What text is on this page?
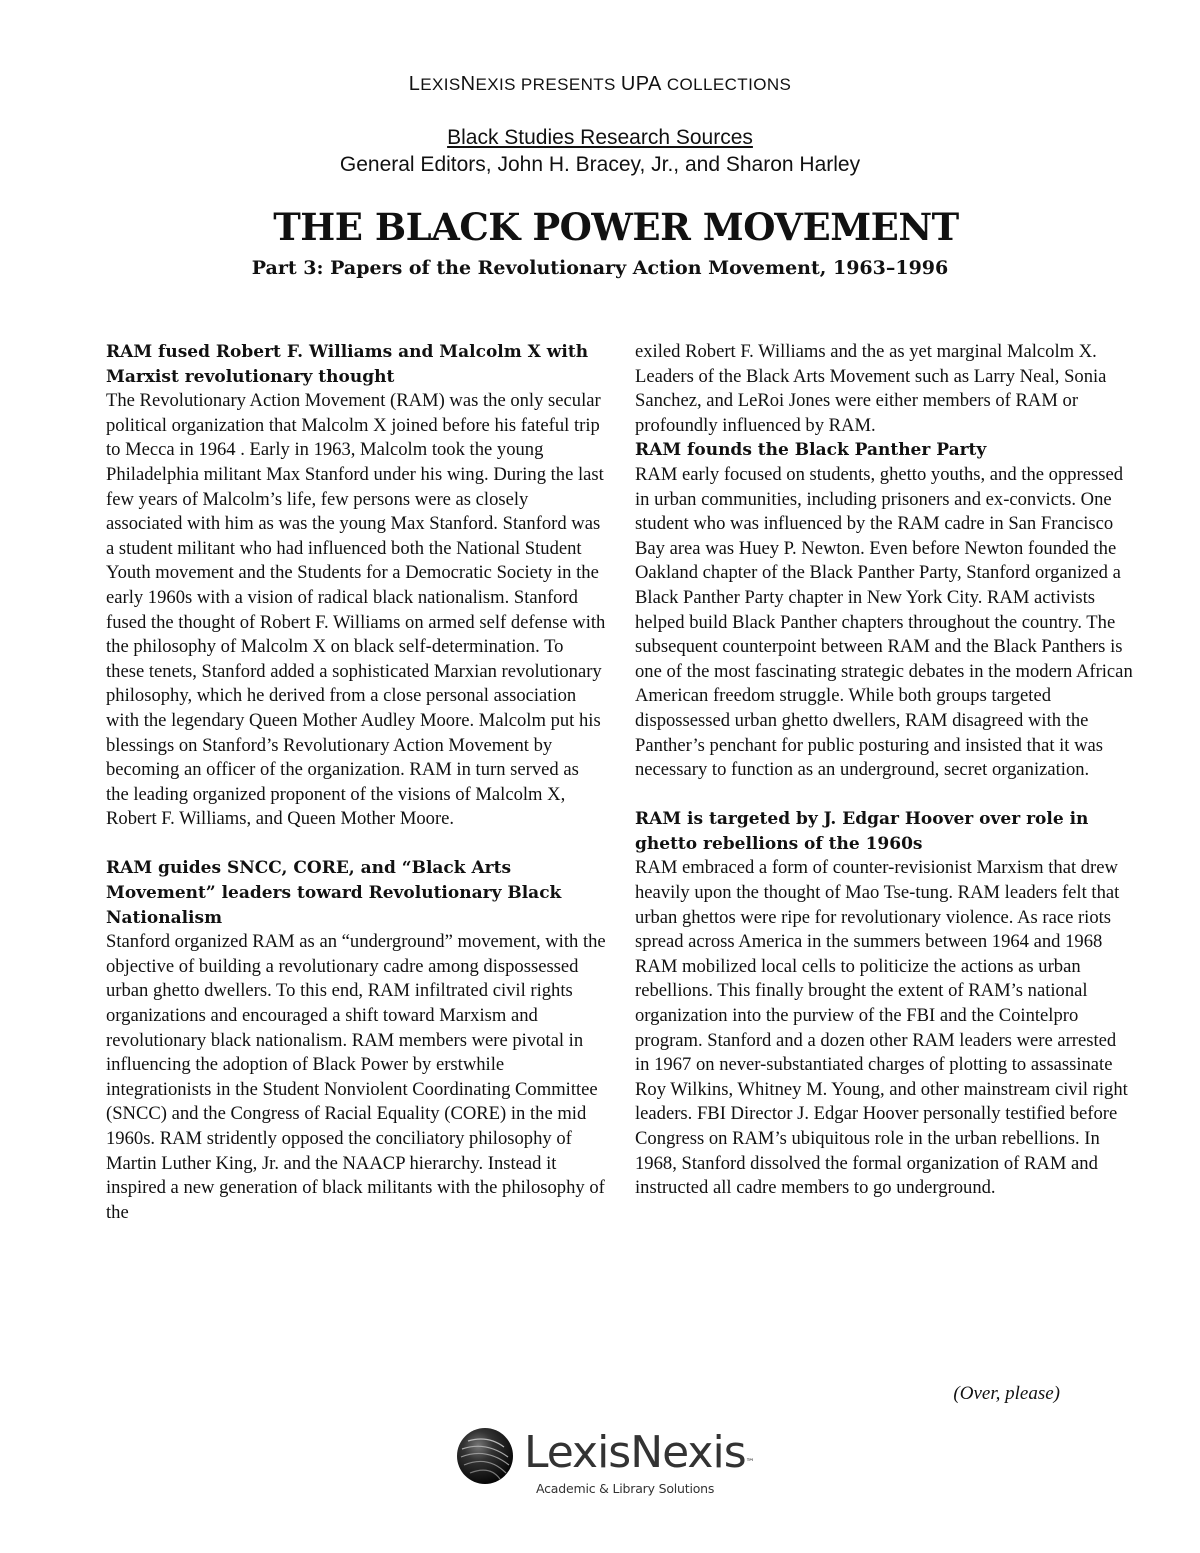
LEXISNEXIS PRESENTS UPA COLLECTIONS
Black Studies Research Sources
General Editors, John H. Bracey, Jr., and Sharon Harley
THE BLACK POWER MOVEMENT
Part 3: Papers of the Revolutionary Action Movement, 1963–1996
RAM fused Robert F. Williams and Malcolm X with Marxist revolutionary thought

The Revolutionary Action Movement (RAM) was the only secular political organization that Malcolm X joined before his fateful trip to Mecca in 1964 . Early in 1963, Malcolm took the young Philadelphia militant Max Stanford under his wing. During the last few years of Malcolm’s life, few persons were as closely associated with him as was the young Max Stanford. Stanford was a student militant who had influenced both the National Student Youth movement and the Students for a Democratic Society in the early 1960s with a vision of radical black nationalism. Stanford fused the thought of Robert F. Williams on armed self defense with the philosophy of Malcolm X on black self-determination. To these tenets, Stanford added a sophisticated Marxian revolutionary philosophy, which he derived from a close personal association with the legendary Queen Mother Audley Moore. Malcolm put his blessings on Stanford’s Revolutionary Action Movement by becoming an officer of the organization. RAM in turn served as the leading organized proponent of the visions of Malcolm X, Robert F. Williams, and Queen Mother Moore.

RAM guides SNCC, CORE, and “Black Arts Movement” leaders toward Revolutionary Black Nationalism

Stanford organized RAM as an “underground” movement, with the objective of building a revolutionary cadre among dispossessed urban ghetto dwellers. To this end, RAM infiltrated civil rights organizations and encouraged a shift toward Marxism and revolutionary black nationalism. RAM members were pivotal in influencing the adoption of Black Power by erstwhile integrationists in the Student Nonviolent Coordinating Committee (SNCC) and the Congress of Racial Equality (CORE) in the mid 1960s. RAM stridently opposed the conciliatory philosophy of Martin Luther King, Jr. and the NAACP hierarchy. Instead it inspired a new generation of black militants with the philosophy of the

exiled Robert F. Williams and the as yet marginal Malcolm X. Leaders of the Black Arts Movement such as Larry Neal, Sonia Sanchez, and LeRoi Jones were either members of RAM or profoundly influenced by RAM.

RAM founds the Black Panther Party

RAM early focused on students, ghetto youths, and the oppressed in urban communities, including prisoners and ex-convicts. One student who was influenced by the RAM cadre in San Francisco Bay area was Huey P. Newton. Even before Newton founded the Oakland chapter of the Black Panther Party, Stanford organized a Black Panther Party chapter in New York City. RAM activists helped build Black Panther chapters throughout the country. The subsequent counterpoint between RAM and the Black Panthers is one of the most fascinating strategic debates in the modern African American freedom struggle. While both groups targeted dispossessed urban ghetto dwellers, RAM disagreed with the Panther’s penchant for public posturing and insisted that it was necessary to function as an underground, secret organization.

RAM is targeted by J. Edgar Hoover over role in ghetto rebellions of the 1960s

RAM embraced a form of counter-revisionist Marxism that drew heavily upon the thought of Mao Tse-tung. RAM leaders felt that urban ghettos were ripe for revolutionary violence. As race riots spread across America in the summers between 1964 and 1968 RAM mobilized local cells to politicize the actions as urban rebellions. This finally brought the extent of RAM’s national organization into the purview of the FBI and the Cointelpro program. Stanford and a dozen other RAM leaders were arrested in 1967 on never-substantiated charges of plotting to assassinate Roy Wilkins, Whitney M. Young, and other mainstream civil right leaders. FBI Director J. Edgar Hoover personally testified before Congress on RAM’s ubiquitous role in the urban rebellions. In 1968, Stanford dissolved the formal organization of RAM and instructed all cadre members to go underground.

(Over, please)
LexisNexis™
Academic & Library Solutions
